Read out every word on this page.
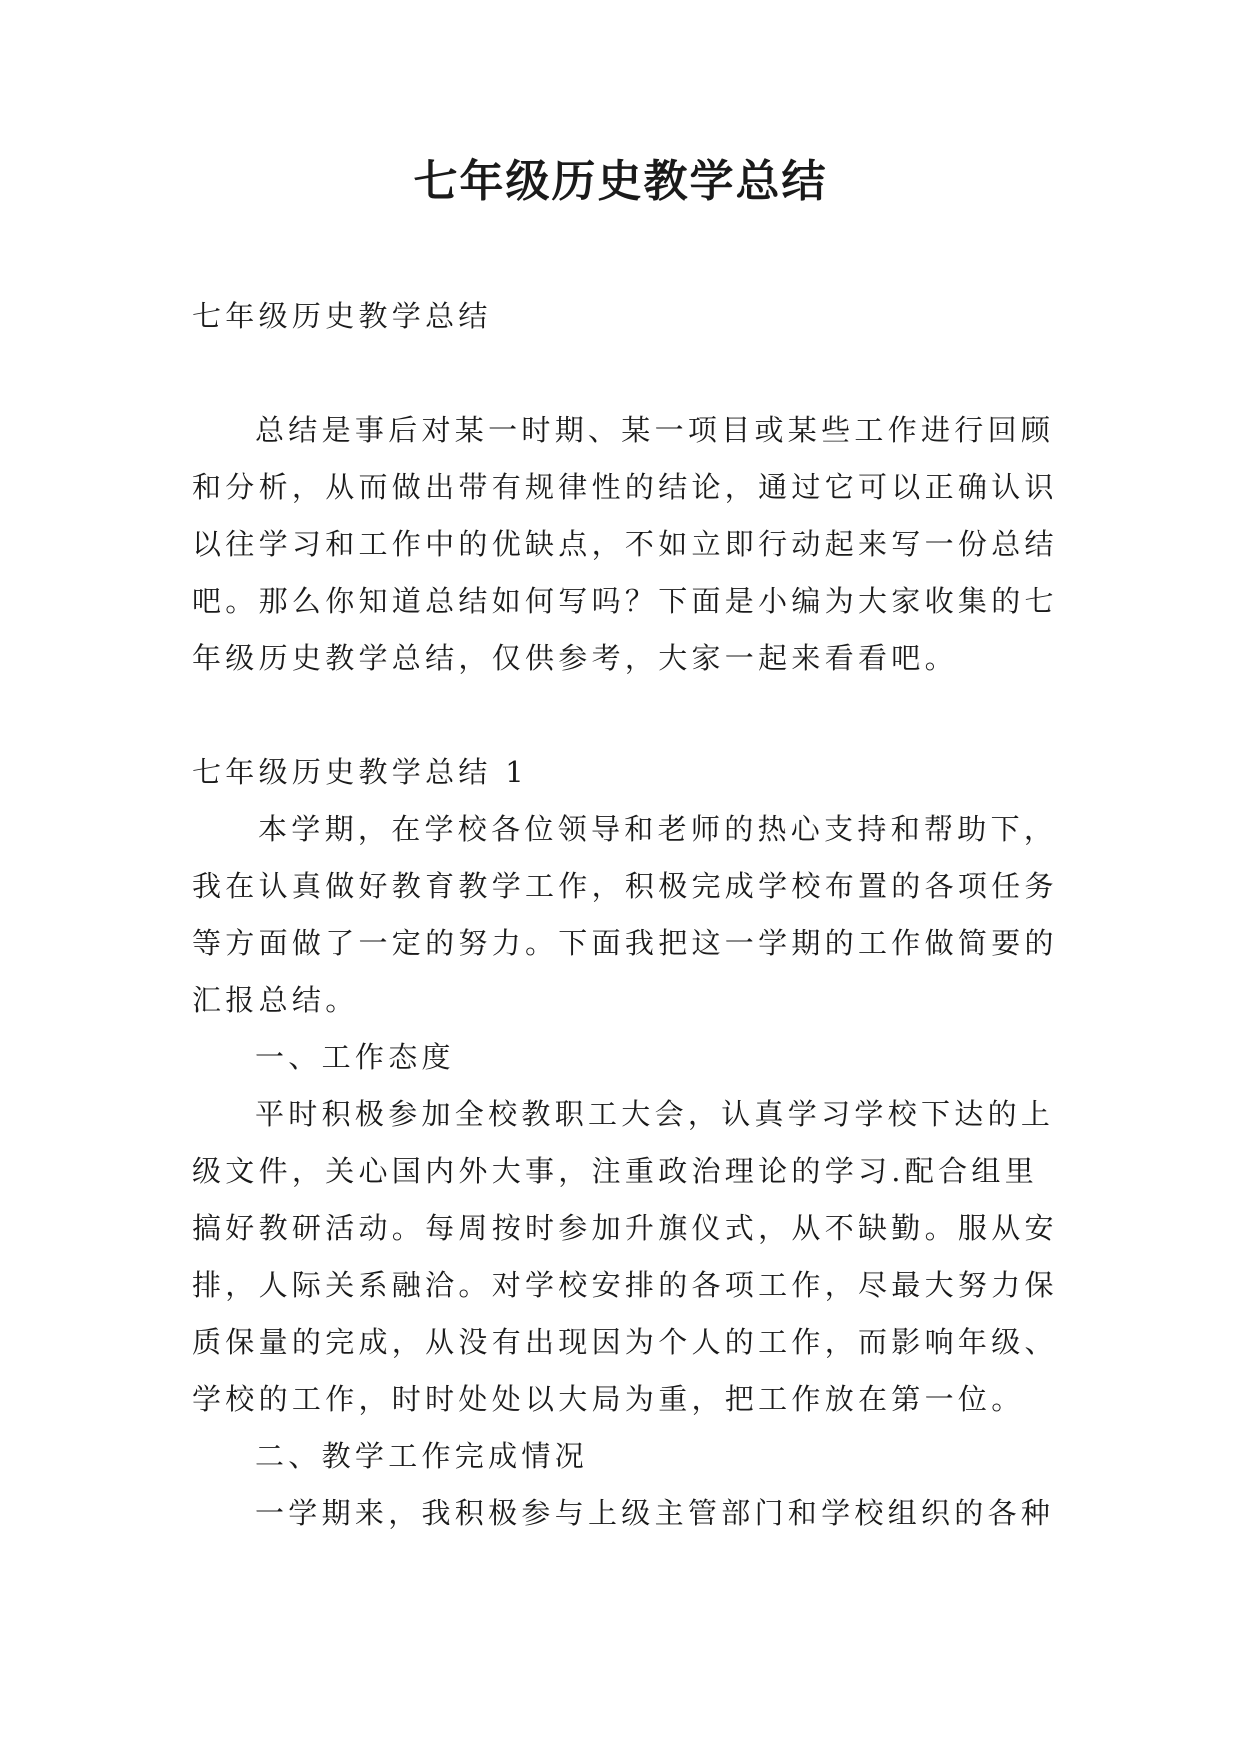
七年级历史教学总结
七年级历史教学总结
总结是事后对某一时期、某一项目或某些工作进行回顾
和分析，从而做出带有规律性的结论，通过它可以正确认识
以往学习和工作中的优缺点，不如立即行动起来写一份总结
吧。那么你知道总结如何写吗？下面是小编为大家收集的七
年级历史教学总结，仅供参考，大家一起来看看吧。
七年级历史教学总结 1
本学期，在学校各位领导和老师的热心支持和帮助下，
我在认真做好教育教学工作，积极完成学校布置的各项任务
等方面做了一定的努力。下面我把这一学期的工作做简要的
汇报总结。
一、工作态度
平时积极参加全校教职工大会，认真学习学校下达的上
级文件，关心国内外大事，注重政治理论的学习.配合组里
搞好教研活动。每周按时参加升旗仪式，从不缺勤。服从安
排，人际关系融洽。对学校安排的各项工作，尽最大努力保
质保量的完成，从没有出现因为个人的工作，而影响年级、
学校的工作，时时处处以大局为重，把工作放在第一位。
二、教学工作完成情况
一学期来，我积极参与上级主管部门和学校组织的各种
